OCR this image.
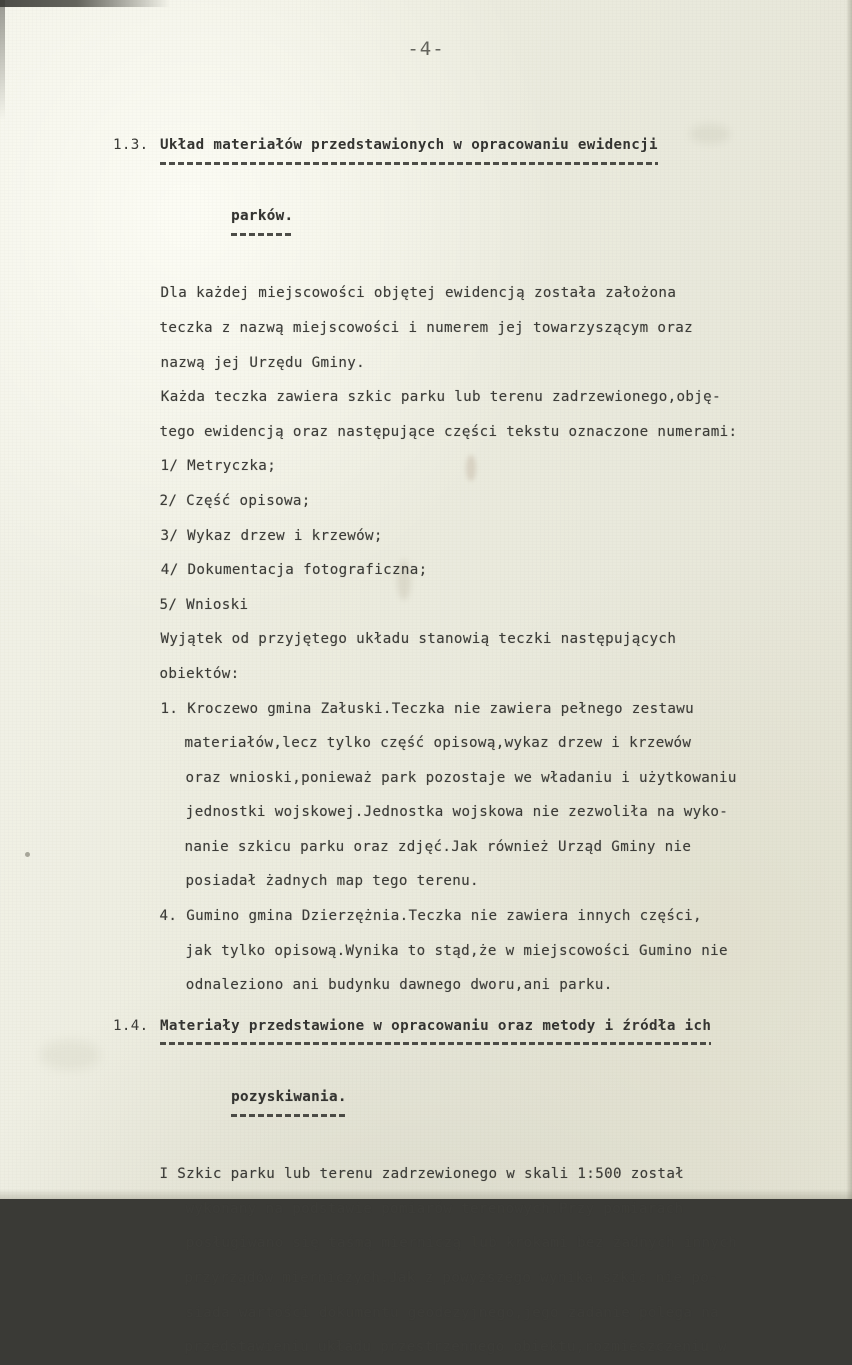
-4-
1.3. Układ materiałów przedstawionych w opracowaniu ewidencji

parków.

Dla każdej miejscowości objętej ewidencją została założona
teczka z nazwą miejscowości i numerem jej towarzyszącym oraz
nazwą jej Urzędu Gminy.
Każda teczka zawiera szkic parku lub terenu zadrzewionego,obję-
tego ewidencją oraz następujące części tekstu oznaczone numerami:
1/ Metryczka;
2/ Część opisowa;
3/ Wykaz drzew i krzewów;
4/ Dokumentacja fotograficzna;
5/ Wnioski
Wyjątek od przyjętego układu stanowią teczki następujących
obiektów:
1. Kroczewo gmina Załuski.Teczka nie zawiera pełnego zestawu
materiałów,lecz tylko część opisową,wykaz drzew i krzewów
oraz wnioski,ponieważ park pozostaje we władaniu i użytkowaniu
jednostki wojskowej.Jednostka wojskowa nie zezwoliła na wyko-
nanie szkicu parku oraz zdjęć.Jak również Urząd Gminy nie
posiadał żadnych map tego terenu.
4. Gumino gmina Dzierzężnia.Teczka nie zawiera innych części,
jak tylko opisową.Wynika to stąd,że w miejscowości Gumino nie
odnaleziono ani budynku dawnego dworu,ani parku.
1.4. Materiały przedstawione w opracowaniu oraz metody i źródła ich

pozyskiwania.

I Szkic parku lub terenu zadrzewionego w skali 1:500 został
wykonany na podstawie pomiarów terenowych.Przy pomiarach
posługiwano się taśmą mierniczą lub krokami bez żadnych innych
przyrządów mierniczych.Jak z powyższego wynika szkic nie po-
siada wartości dokumentu geodezyjnego,jego zadanie polega na
przedstawieniu układu przestrzennego obiektu,rozmieszczeniu w
